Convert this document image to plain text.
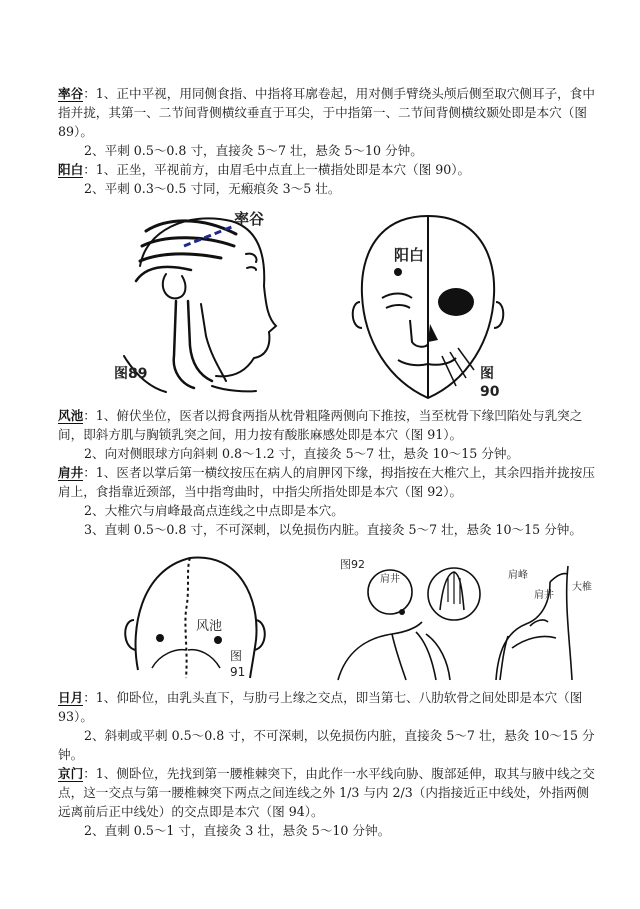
率谷：1、正中平视，用同侧食指、中指将耳廓卷起，用对侧手臂绕头颅后侧至取穴侧耳子，食中指并拢，其第一、二节间背侧横纹垂直于耳尖，于中指第一、二节间背侧横纹颞处即是本穴（图 89）。

2、平刺 0.5～0.8 寸，直接灸 5～7 壮，悬灸 5～10 分钟。

阳白：1、正坐，平视前方，由眉毛中点直上一横指处即是本穴（图 90）。

2、平刺 0.3～0.5 寸同，无瘢痕灸 3～5 壮。

率谷
图89
阳白
图
90

风池：1、俯伏坐位，医者以拇食两指从枕骨粗隆两侧向下推按，当至枕骨下缘凹陷处与乳突之间，即斜方肌与胸锁乳突之间，用力按有酸胀麻感处即是本穴（图 91）。

2、向对侧眼球方向斜刺 0.8～1.2 寸，直接灸 5～7 壮，悬灸 10～15 分钟。

肩井：1、医者以掌后第一横纹按压在病人的肩胛冈下缘，拇指按在大椎穴上，其余四指并拢按压肩上，食指靠近颈部，当中指弯曲时，中指尖所指处即是本穴（图 92）。

2、大椎穴与肩峰最高点连线之中点即是本穴。

3、直刺 0.5～0.8 寸，不可深刺，以免损伤内脏。直接灸 5～7 壮，悬灸 10～15 分钟。

风池
图
91
图92
肩井	肩峰
大椎
肩井

日月：1、仰卧位，由乳头直下，与肋弓上缘之交点，即当第七、八肋软骨之间处即是本穴（图 93）。

2、斜刺或平刺 0.5～0.8 寸，不可深刺，以免损伤内脏，直接灸 5～7 壮，悬灸 10～15 分钟。

京门：1、侧卧位，先找到第一腰椎棘突下，由此作一水平线向胁、腹部延伸，取其与腋中线之交点，这一交点与第一腰椎棘突下两点之间连线之外 1/3 与内 2/3（内指接近正中线处，外指两侧远离前后正中线处）的交点即是本穴（图 94）。

2、直刺 0.5～1 寸，直接灸 3 壮，悬灸 5～10 分钟。
